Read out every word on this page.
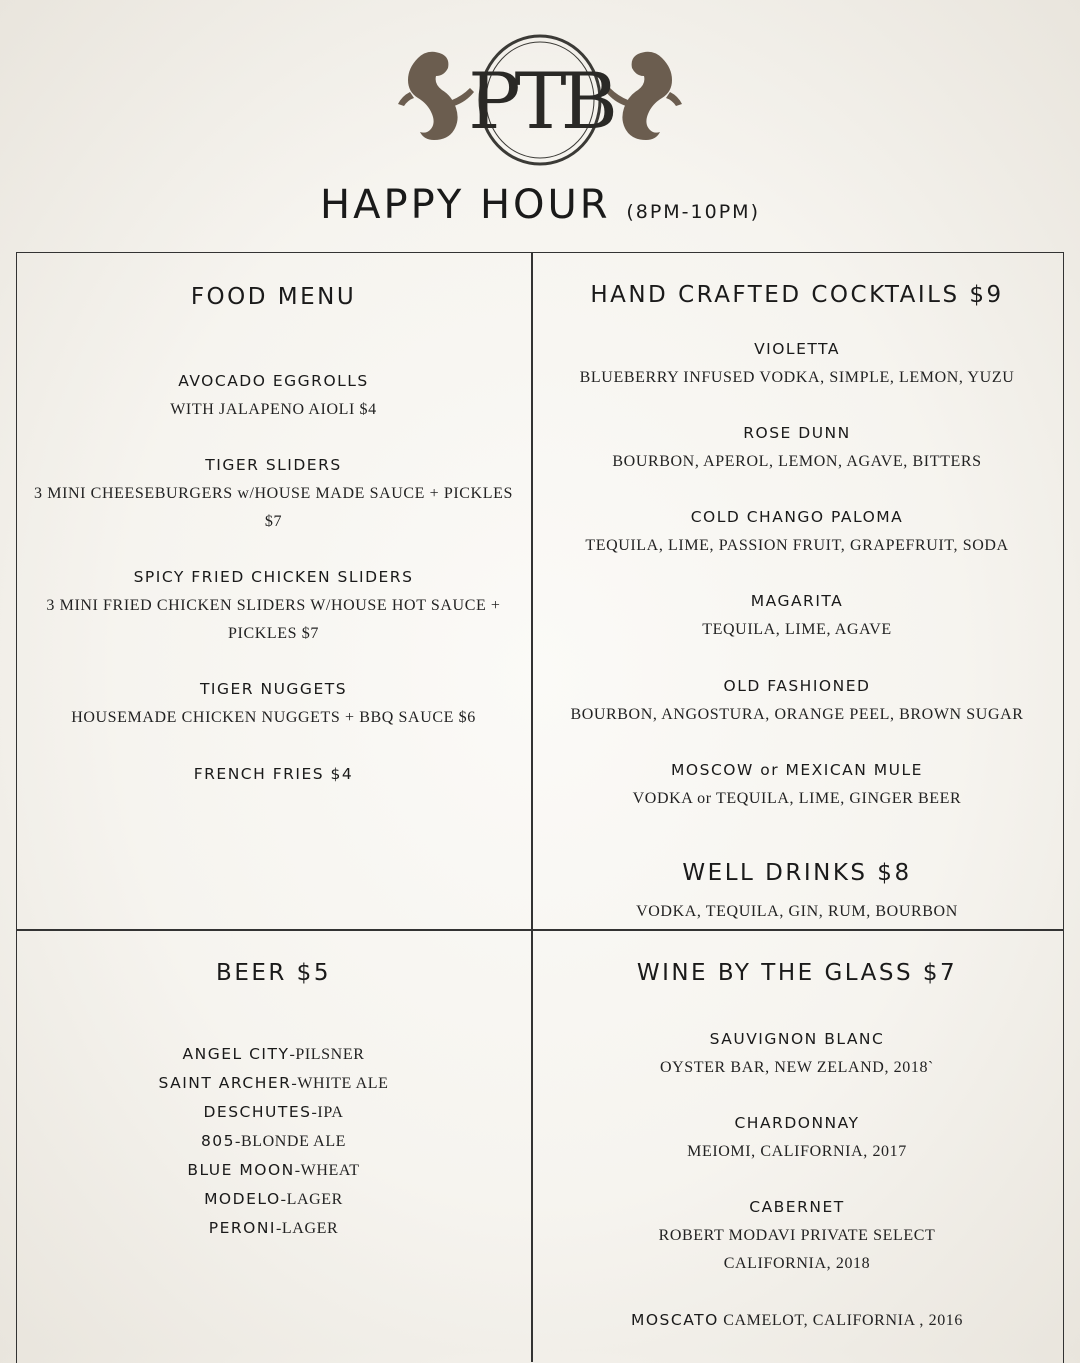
PTB
HAPPY HOUR (8PM-10PM)
FOOD MENU
AVOCADO EGGROLLS
WITH JALAPENO AIOLI $4
TIGER SLIDERS
3 MINI CHEESEBURGERS w/HOUSE MADE SAUCE + PICKLES
$7
SPICY FRIED CHICKEN SLIDERS
3 MINI FRIED CHICKEN SLIDERS W/HOUSE HOT SAUCE +
PICKLES $7
TIGER NUGGETS
HOUSEMADE CHICKEN NUGGETS + BBQ SAUCE $6
FRENCH FRIES $4
HAND CRAFTED COCKTAILS $9
VIOLETTA
BLUEBERRY INFUSED VODKA, SIMPLE, LEMON, YUZU
ROSE DUNN
BOURBON, APEROL, LEMON, AGAVE, BITTERS
COLD CHANGO PALOMA
TEQUILA, LIME, PASSION FRUIT, GRAPEFRUIT, SODA
MAGARITA
TEQUILA, LIME, AGAVE
OLD FASHIONED
BOURBON, ANGOSTURA, ORANGE PEEL, BROWN SUGAR
MOSCOW or MEXICAN MULE
VODKA or TEQUILA, LIME, GINGER BEER
WELL DRINKS $8
VODKA, TEQUILA, GIN, RUM, BOURBON
BEER $5
ANGEL CITY-PILSNER
SAINT ARCHER-WHITE ALE
DESCHUTES-IPA
805-BLONDE ALE
BLUE MOON-WHEAT
MODELO-LAGER
PERONI-LAGER
WINE BY THE GLASS $7
SAUVIGNON BLANC
OYSTER BAR, NEW ZELAND, 2018`
CHARDONNAY
MEIOMI, CALIFORNIA, 2017
CABERNET
ROBERT MODAVI PRIVATE SELECT
CALIFORNIA, 2018
MOSCATO CAMELOT, CALIFORNIA , 2016
